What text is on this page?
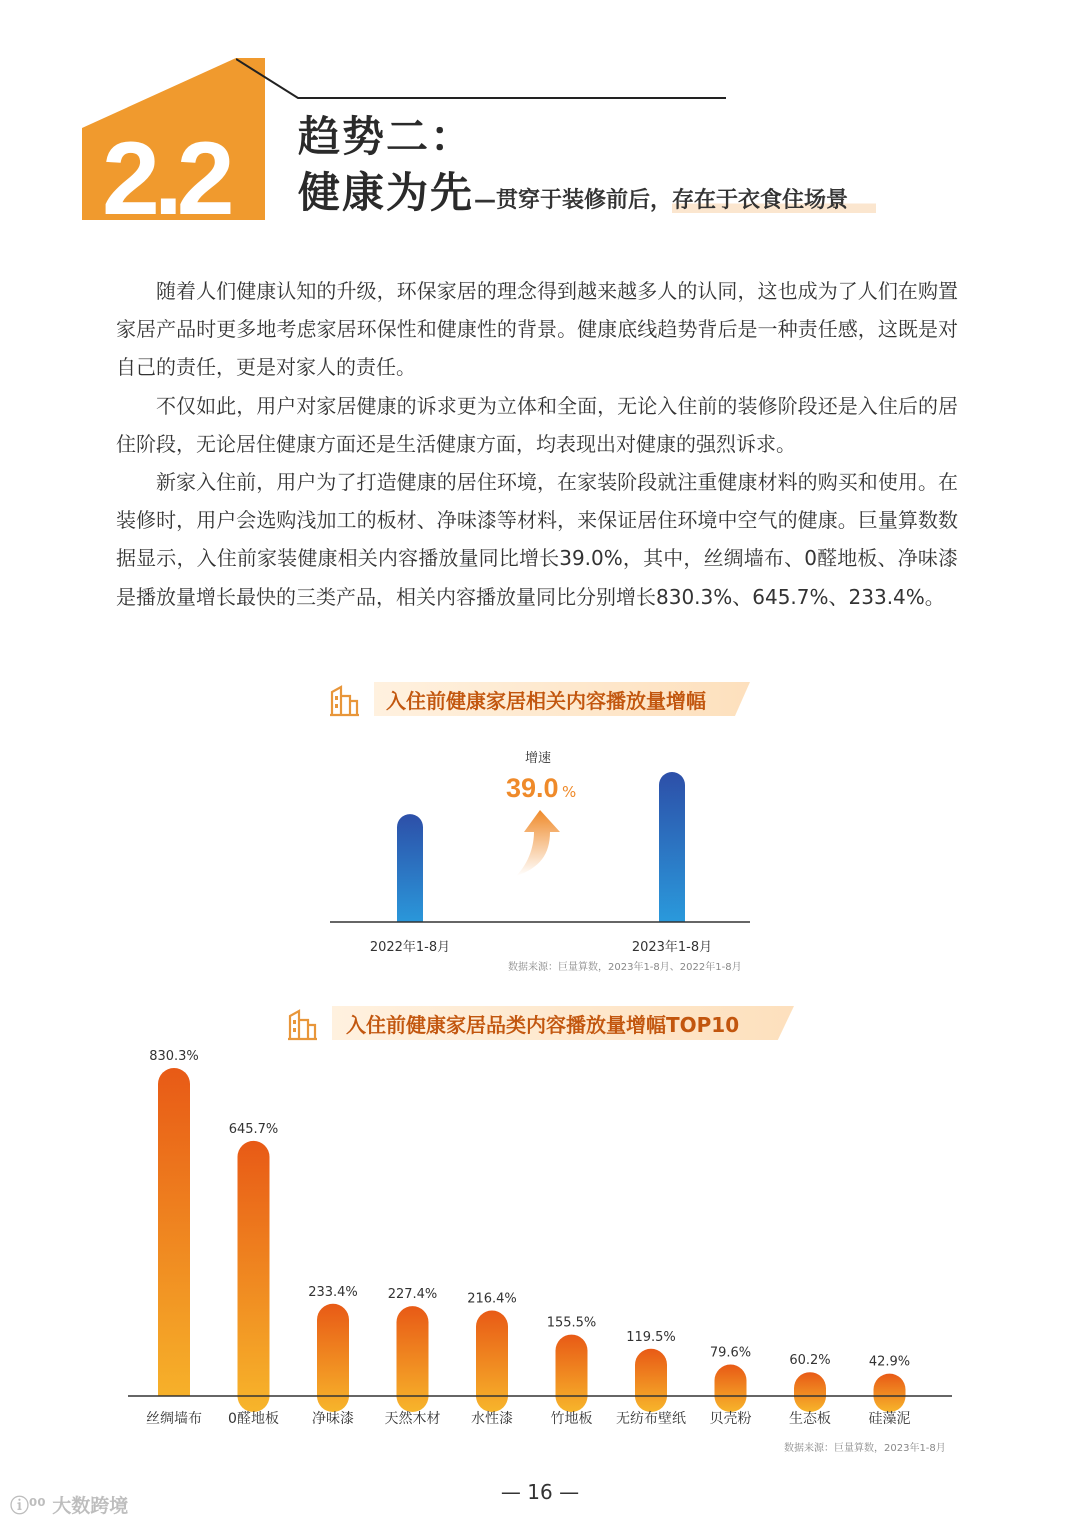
2.2 趋势二：
健康为先—贯穿于装修前后，存在于衣食住场景

随着人们健康认知的升级，环保家居的理念得到越来越多人的认同，这也成为了人们在购置家居产品时更多地考虑家居环保性和健康性的背景。健康底线趋势背后是一种责任感，这既是对自己的责任，更是对家人的责任。

不仅如此，用户对家居健康的诉求更为立体和全面，无论入住前的装修阶段还是入住后的居住阶段，无论居住健康方面还是生活健康方面，均表现出对健康的强烈诉求。

新家入住前，用户为了打造健康的居住环境，在家装阶段就注重健康材料的购买和使用。在装修时，用户会选购浅加工的板材、净味漆等材料，来保证居住环境中空气的健康。巨量算数数据显示，入住前家装健康相关内容播放量同比增长39.0%，其中，丝绸墙布、0醛地板、净味漆是播放量增长最快的三类产品，相关内容播放量同比分别增长830.3%、645.7%、233.4%。

入住前健康家居相关内容播放量增幅
增速
39.0 %
2022年1-8月	2023年1-8月
数据来源：巨量算数，2023年1-8月、2022年1-8月
入住前健康家居品类内容播放量增幅TOP10
830.3%
丝绸墙布
645.7%
0醛地板
233.4%
净味漆
227.4%
天然木材
216.4%
水性漆
155.5%
竹地板
119.5%
无纺布壁纸
79.6%
贝壳粉
60.2%
生态板
42.9%
硅藻泥
数据来源：巨量算数，2023年1-8月
— 16 —
ⓘ⁰⁰ 大数跨境
